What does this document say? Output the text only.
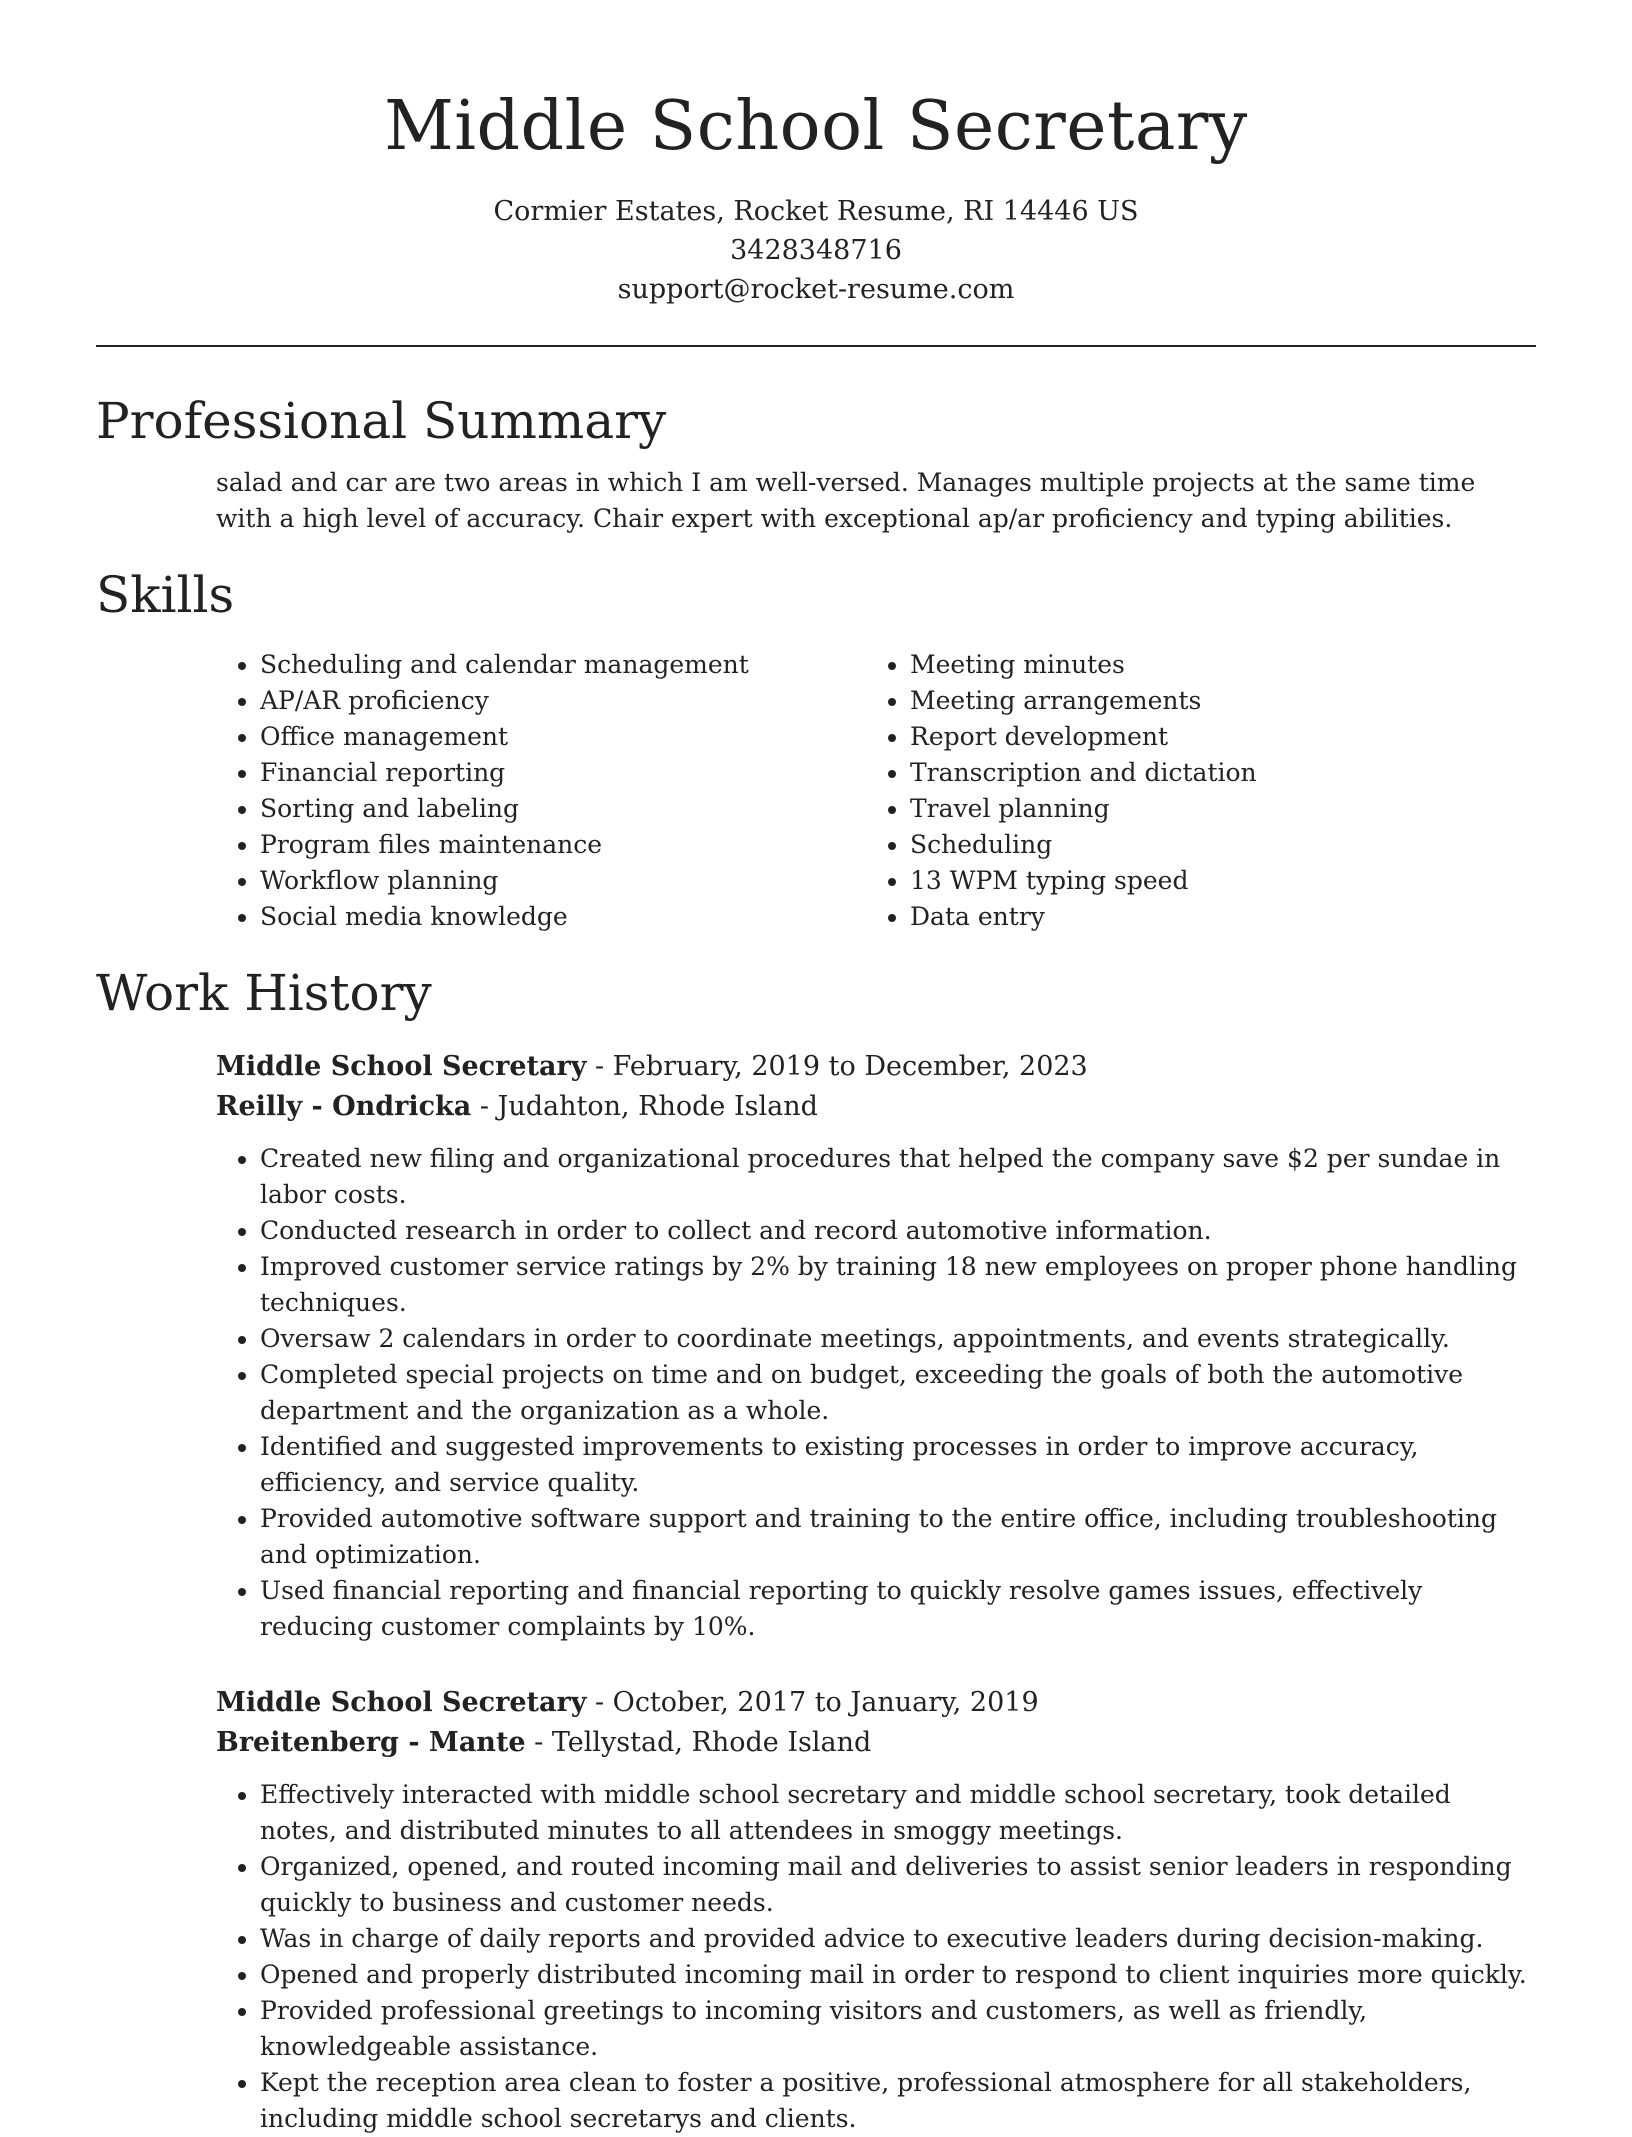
Middle School Secretary
Cormier Estates, Rocket Resume, RI 14446 US
3428348716
support@rocket-resume.com
Professional Summary
salad and car are two areas in which I am well-versed. Manages multiple projects at the same time with a high level of accuracy. Chair expert with exceptional ap/ar proficiency and typing abilities.
Skills
• Scheduling and calendar management
• AP/AR proficiency
• Office management
• Financial reporting
• Sorting and labeling
• Program files maintenance
• Workflow planning
• Social media knowledge
• Meeting minutes
• Meeting arrangements
• Report development
• Transcription and dictation
• Travel planning
• Scheduling
• 13 WPM typing speed
• Data entry
Work History
Middle School Secretary - February, 2019 to December, 2023
Reilly - Ondricka - Judahton, Rhode Island
• Created new filing and organizational procedures that helped the company save $2 per sundae in labor costs.
• Conducted research in order to collect and record automotive information.
• Improved customer service ratings by 2% by training 18 new employees on proper phone handling techniques.
• Oversaw 2 calendars in order to coordinate meetings, appointments, and events strategically.
• Completed special projects on time and on budget, exceeding the goals of both the automotive department and the organization as a whole.
• Identified and suggested improvements to existing processes in order to improve accuracy, efficiency, and service quality.
• Provided automotive software support and training to the entire office, including troubleshooting and optimization.
• Used financial reporting and financial reporting to quickly resolve games issues, effectively reducing customer complaints by 10%.
Middle School Secretary - October, 2017 to January, 2019
Breitenberg - Mante - Tellystad, Rhode Island
• Effectively interacted with middle school secretary and middle school secretary, took detailed notes, and distributed minutes to all attendees in smoggy meetings.
• Organized, opened, and routed incoming mail and deliveries to assist senior leaders in responding quickly to business and customer needs.
• Was in charge of daily reports and provided advice to executive leaders during decision-making.
• Opened and properly distributed incoming mail in order to respond to client inquiries more quickly.
• Provided professional greetings to incoming visitors and customers, as well as friendly, knowledgeable assistance.
• Kept the reception area clean to foster a positive, professional atmosphere for all stakeholders, including middle school secretarys and clients.
